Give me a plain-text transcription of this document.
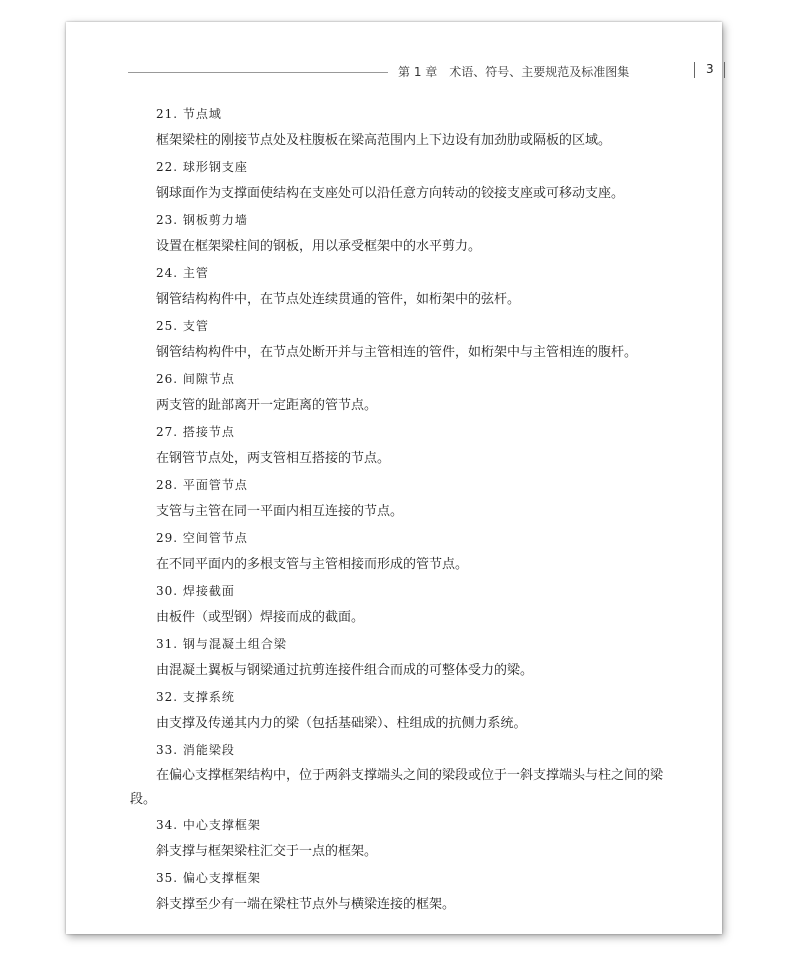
第 1 章　术语、符号、主要规范及标准图集	3
21. 节点域
框架梁柱的刚接节点处及柱腹板在梁高范围内上下边设有加劲肋或隔板的区域。
22. 球形钢支座
钢球面作为支撑面使结构在支座处可以沿任意方向转动的铰接支座或可移动支座。
23. 钢板剪力墙
设置在框架梁柱间的钢板，用以承受框架中的水平剪力。
24. 主管
钢管结构构件中，在节点处连续贯通的管件，如桁架中的弦杆。
25. 支管
钢管结构构件中，在节点处断开并与主管相连的管件，如桁架中与主管相连的腹杆。
26. 间隙节点
两支管的趾部离开一定距离的管节点。
27. 搭接节点
在钢管节点处，两支管相互搭接的节点。
28. 平面管节点
支管与主管在同一平面内相互连接的节点。
29. 空间管节点
在不同平面内的多根支管与主管相接而形成的管节点。
30. 焊接截面
由板件（或型钢）焊接而成的截面。
31. 钢与混凝土组合梁
由混凝土翼板与钢梁通过抗剪连接件组合而成的可整体受力的梁。
32. 支撑系统
由支撑及传递其内力的梁（包括基础梁）、柱组成的抗侧力系统。
33. 消能梁段
在偏心支撑框架结构中，位于两斜支撑端头之间的梁段或位于一斜支撑端头与柱之间的梁段。
34. 中心支撑框架
斜支撑与框架梁柱汇交于一点的框架。
35. 偏心支撑框架
斜支撑至少有一端在梁柱节点外与横梁连接的框架。
